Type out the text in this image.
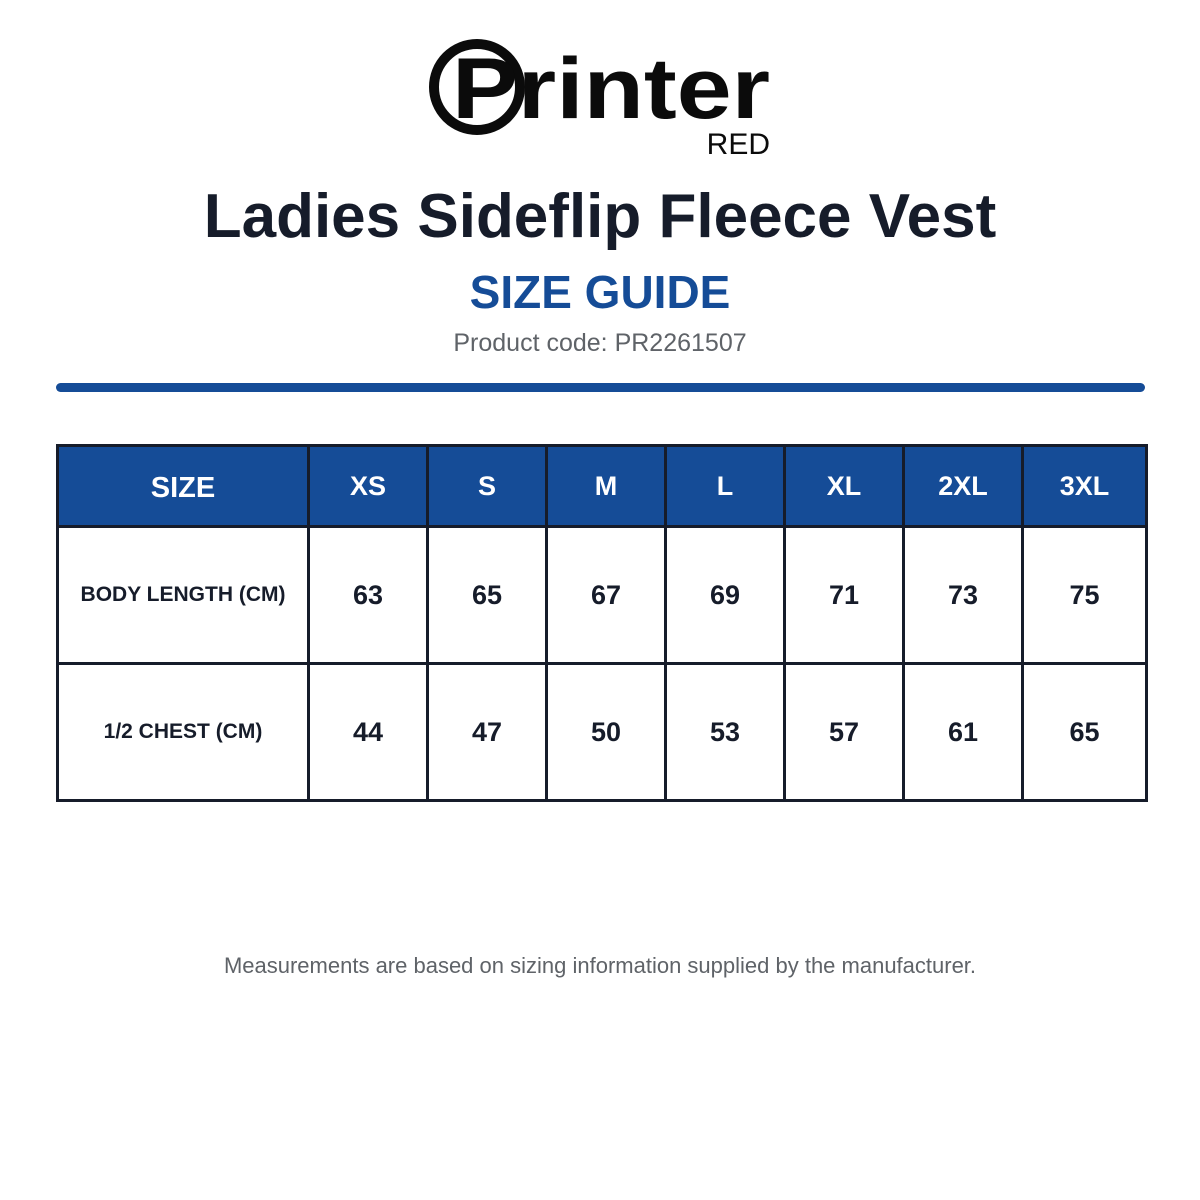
Printer
RED
Ladies Sideflip Fleece Vest
SIZE GUIDE
Product code: PR2261507
SIZE	XS	S	M	L	XL	2XL	3XL
BODY LENGTH (CM)	63	65	67	69	71	73	75
1/2 CHEST (CM)	44	47	50	53	57	61	65
Measurements are based on sizing information supplied by the manufacturer.
